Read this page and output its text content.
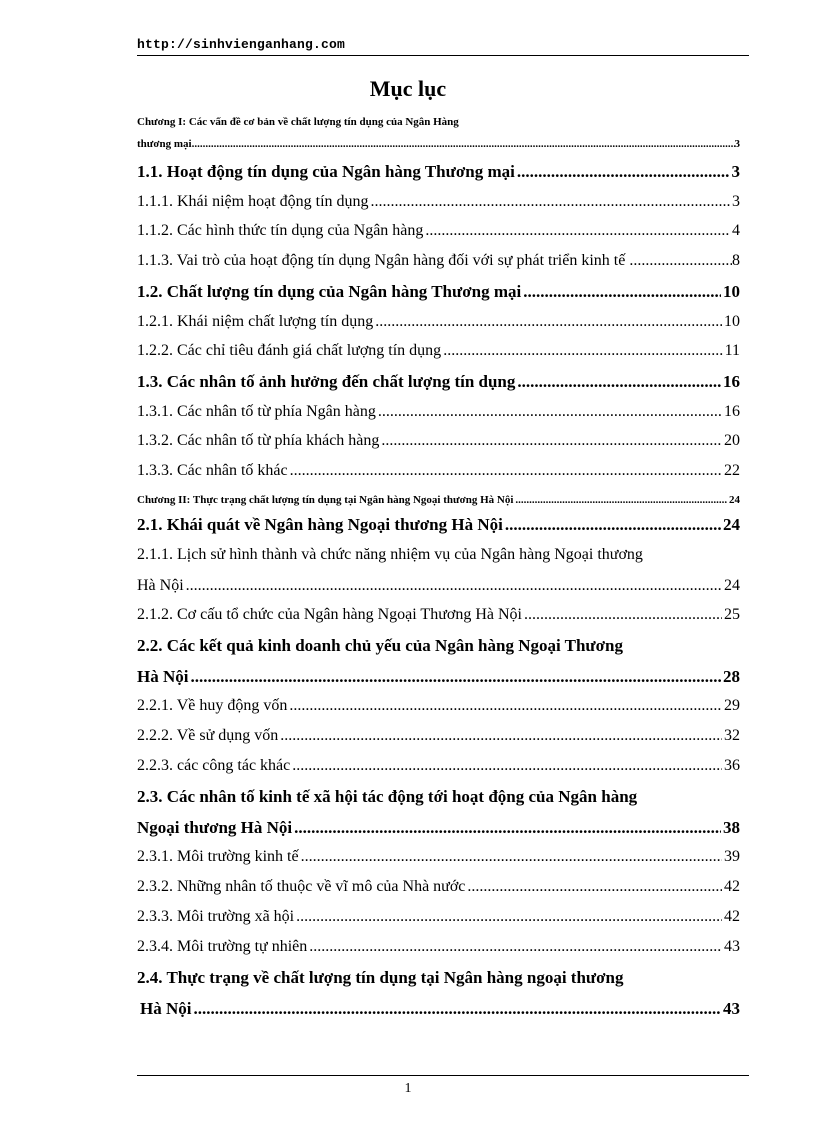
http://sinhvienganhang.com
Mục lục
Chương I: Các vấn đề cơ bản về chất lượng tín dụng của Ngân Hàng
thương mại .....	3
1.1. Hoạt động tín dụng của Ngân hàng Thương mại .....	3
1.1.1. Khái niệm hoạt động tín dụng .....	3
1.1.2. Các hình thức tín dụng của Ngân hàng .....	4
1.1.3. Vai trò của hoạt động tín dụng Ngân hàng đối với sự phát triển kinh tế .....	8
1.2. Chất lượng tín dụng của Ngân hàng Thương mại .....	10
1.2.1. Khái niệm chất lượng tín dụng .....	10
1.2.2. Các chỉ tiêu đánh giá chất lượng tín dụng .....	11
1.3. Các nhân tố ảnh hưởng đến chất lượng tín dụng .....	16
1.3.1. Các nhân tố từ phía Ngân hàng .....	16
1.3.2. Các nhân tố từ phía khách hàng .....	20
1.3.3. Các nhân tố khác .....	22
Chương II: Thực trạng chất lượng tín dụng tại Ngân hàng Ngoại thương Hà Nội .....	24
2.1. Khái quát về Ngân hàng Ngoại thương Hà Nội .....	24
2.1.1. Lịch sử hình thành và chức năng nhiệm vụ của Ngân hàng Ngoại thương
Hà Nội .....	24
2.1.2. Cơ cấu tổ chức của Ngân hàng Ngoại Thương Hà Nội .....	25
2.2. Các kết quả kinh doanh chủ yếu của Ngân hàng Ngoại Thương
Hà Nội .....	28
2.2.1. Về huy động vốn .....	29
2.2.2. Về sử dụng vốn .....	32
2.2.3. các công tác khác .....	36
2.3. Các nhân tố kinh tế xã hội tác động tới hoạt động của Ngân hàng
Ngoại thương Hà Nội .....	38
2.3.1. Môi trường kinh tế .....	39
2.3.2. Những nhân tố thuộc về vĩ mô của Nhà nước .....	42
2.3.3. Môi trường xã hội .....	42
2.3.4. Môi trường tự nhiên .....	43
2.4. Thực trạng về chất lượng tín dụng tại Ngân hàng ngoại thương
Hà Nội .....	43
1
